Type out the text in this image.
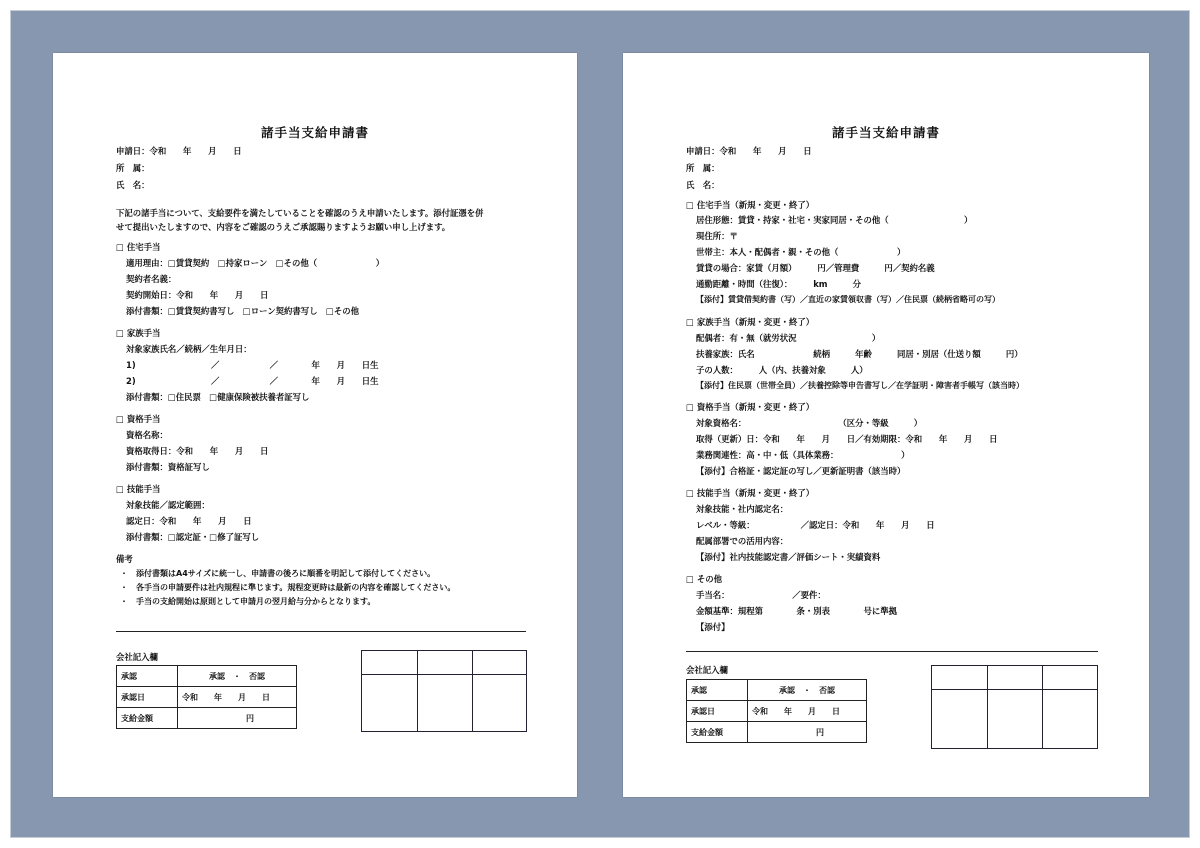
諸手当支給申請書
申請日：令和　　年　　月　　日
所　属：
氏　名：
下記の諸手当について、支給要件を満たしていることを確認のうえ申請いたします。添付証憑を併
せて提出いたしますので、内容をご確認のうえご承認賜りますようお願い申し上げます。
□ 住宅手当
適用理由：□賃貸契約　□持家ローン　□その他（　　　　　　　）
契約者名義：
契約開始日：令和　　年　　月　　日
添付書類：□賃貸契約書写し　□ローン契約書写し　□その他
□ 家族手当
対象家族氏名／続柄／生年月日：
1)　　　　　　　　　／　　　　　　／　　　　年　　月　　日生
2)　　　　　　　　　／　　　　　　／　　　　年　　月　　日生
添付書類：□住民票　□健康保険被扶養者証写し
□ 資格手当
資格名称：
資格取得日：令和　　年　　月　　日
添付書類：資格証写し
□ 技能手当
対象技能／認定範囲：
認定日：令和　　年　　月　　日
添付書類：□認定証・□修了証写し
備考
・　添付書類はA4サイズに統一し、申請書の後ろに順番を明記して添付してください。
・　各手当の申請要件は社内規程に準じます。規程変更時は最新の内容を確認してください。
・　手当の支給開始は原則として申請月の翌月給与分からとなります。
会社記入欄
承認	承認　・　否認
承認日	令和　　年　　月　　日
支給金額	　　　　　　　　円
諸手当支給申請書
申請日：令和　　年　　月　　日
所　属：
氏　名：
□ 住宅手当（新規・変更・終了）
居住形態：賃貸・持家・社宅・実家同居・その他（　　　　　　　　　）
現住所：〒
世帯主：本人・配偶者・親・その他（　　　　　　　）
賃貸の場合：家賃（月額）　　　円／管理費　　　円／契約名義
通勤距離・時間（往復）：　　　km　　　分
【添付】賃貸借契約書（写）／直近の家賃領収書（写）／住民票（続柄省略可の写）
□ 家族手当（新規・変更・終了）
配偶者：有・無（就労状況　　　　　　　　　）
扶養家族：氏名　　　　　　　続柄　　　年齢　　　同居・別居（仕送り額　　　円）
子の人数：　　　人（内、扶養対象　　　人）
【添付】住民票（世帯全員）／扶養控除等申告書写し／在学証明・障害者手帳写（該当時）
□ 資格手当（新規・変更・終了）
対象資格名：　　　　　　　　　　　　（区分・等級　　　）
取得（更新）日：令和　　年　　月　　日／有効期限：令和　　年　　月　　日
業務関連性：高・中・低（具体業務：　　　　　　　　）
【添付】合格証・認定証の写し／更新証明書（該当時）
□ 技能手当（新規・変更・終了）
対象技能・社内認定名：
レベル・等級：　　　　　　／認定日：令和　　年　　月　　日
配属部署での活用内容：
【添付】社内技能認定書／評価シート・実績資料
□ その他
手当名：　　　　　　　　／要件：
金額基準：規程第　　　　条・別表　　　　号に準拠
【添付】
会社記入欄
承認	承認　・　否認
承認日	令和　　年　　月　　日
支給金額	　　　　　　　　円
